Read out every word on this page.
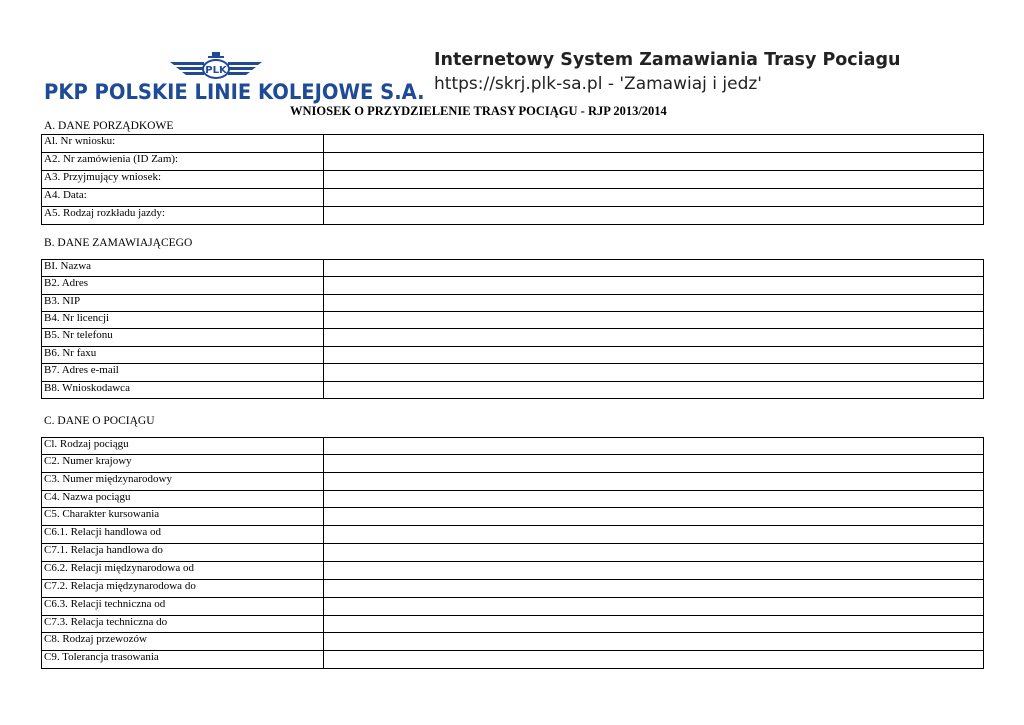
PLK
PKP POLSKIE LINIE KOLEJOWE S.A.
Internetowy System Zamawiania Trasy Pociagu
https://skrj.plk-sa.pl - 'Zamawiaj i jedz'
WNIOSEK O PRZYDZIELENIE TRASY POCIĄGU - RJP 2013/2014
A. DANE PORZĄDKOWE
Al. Nr wniosku:	
A2. Nr zamówienia (ID Zam):	
A3. Przyjmujący wniosek:	
A4. Data:	
A5. Rodzaj rozkładu jazdy:	
B. DANE ZAMAWIAJĄCEGO
BI. Nazwa	
B2. Adres	
B3. NIP	
B4. Nr licencji	
B5. Nr telefonu	
B6. Nr faxu	
B7. Adres e-mail	
B8. Wnioskodawca	
C. DANE O POCIĄGU
Cl. Rodzaj pociągu	
C2. Numer krajowy	
C3. Numer międzynarodowy	
C4. Nazwa pociągu	
C5. Charakter kursowania	
C6.1. Relacji handlowa od	
C7.1. Relacja handlowa do	
C6.2. Relacji międzynarodowa od	
C7.2. Relacja międzynarodowa do	
C6.3. Relacji techniczna od	
C7.3. Relacja techniczna do	
C8. Rodzaj przewozów	
C9. Tolerancja trasowania	
